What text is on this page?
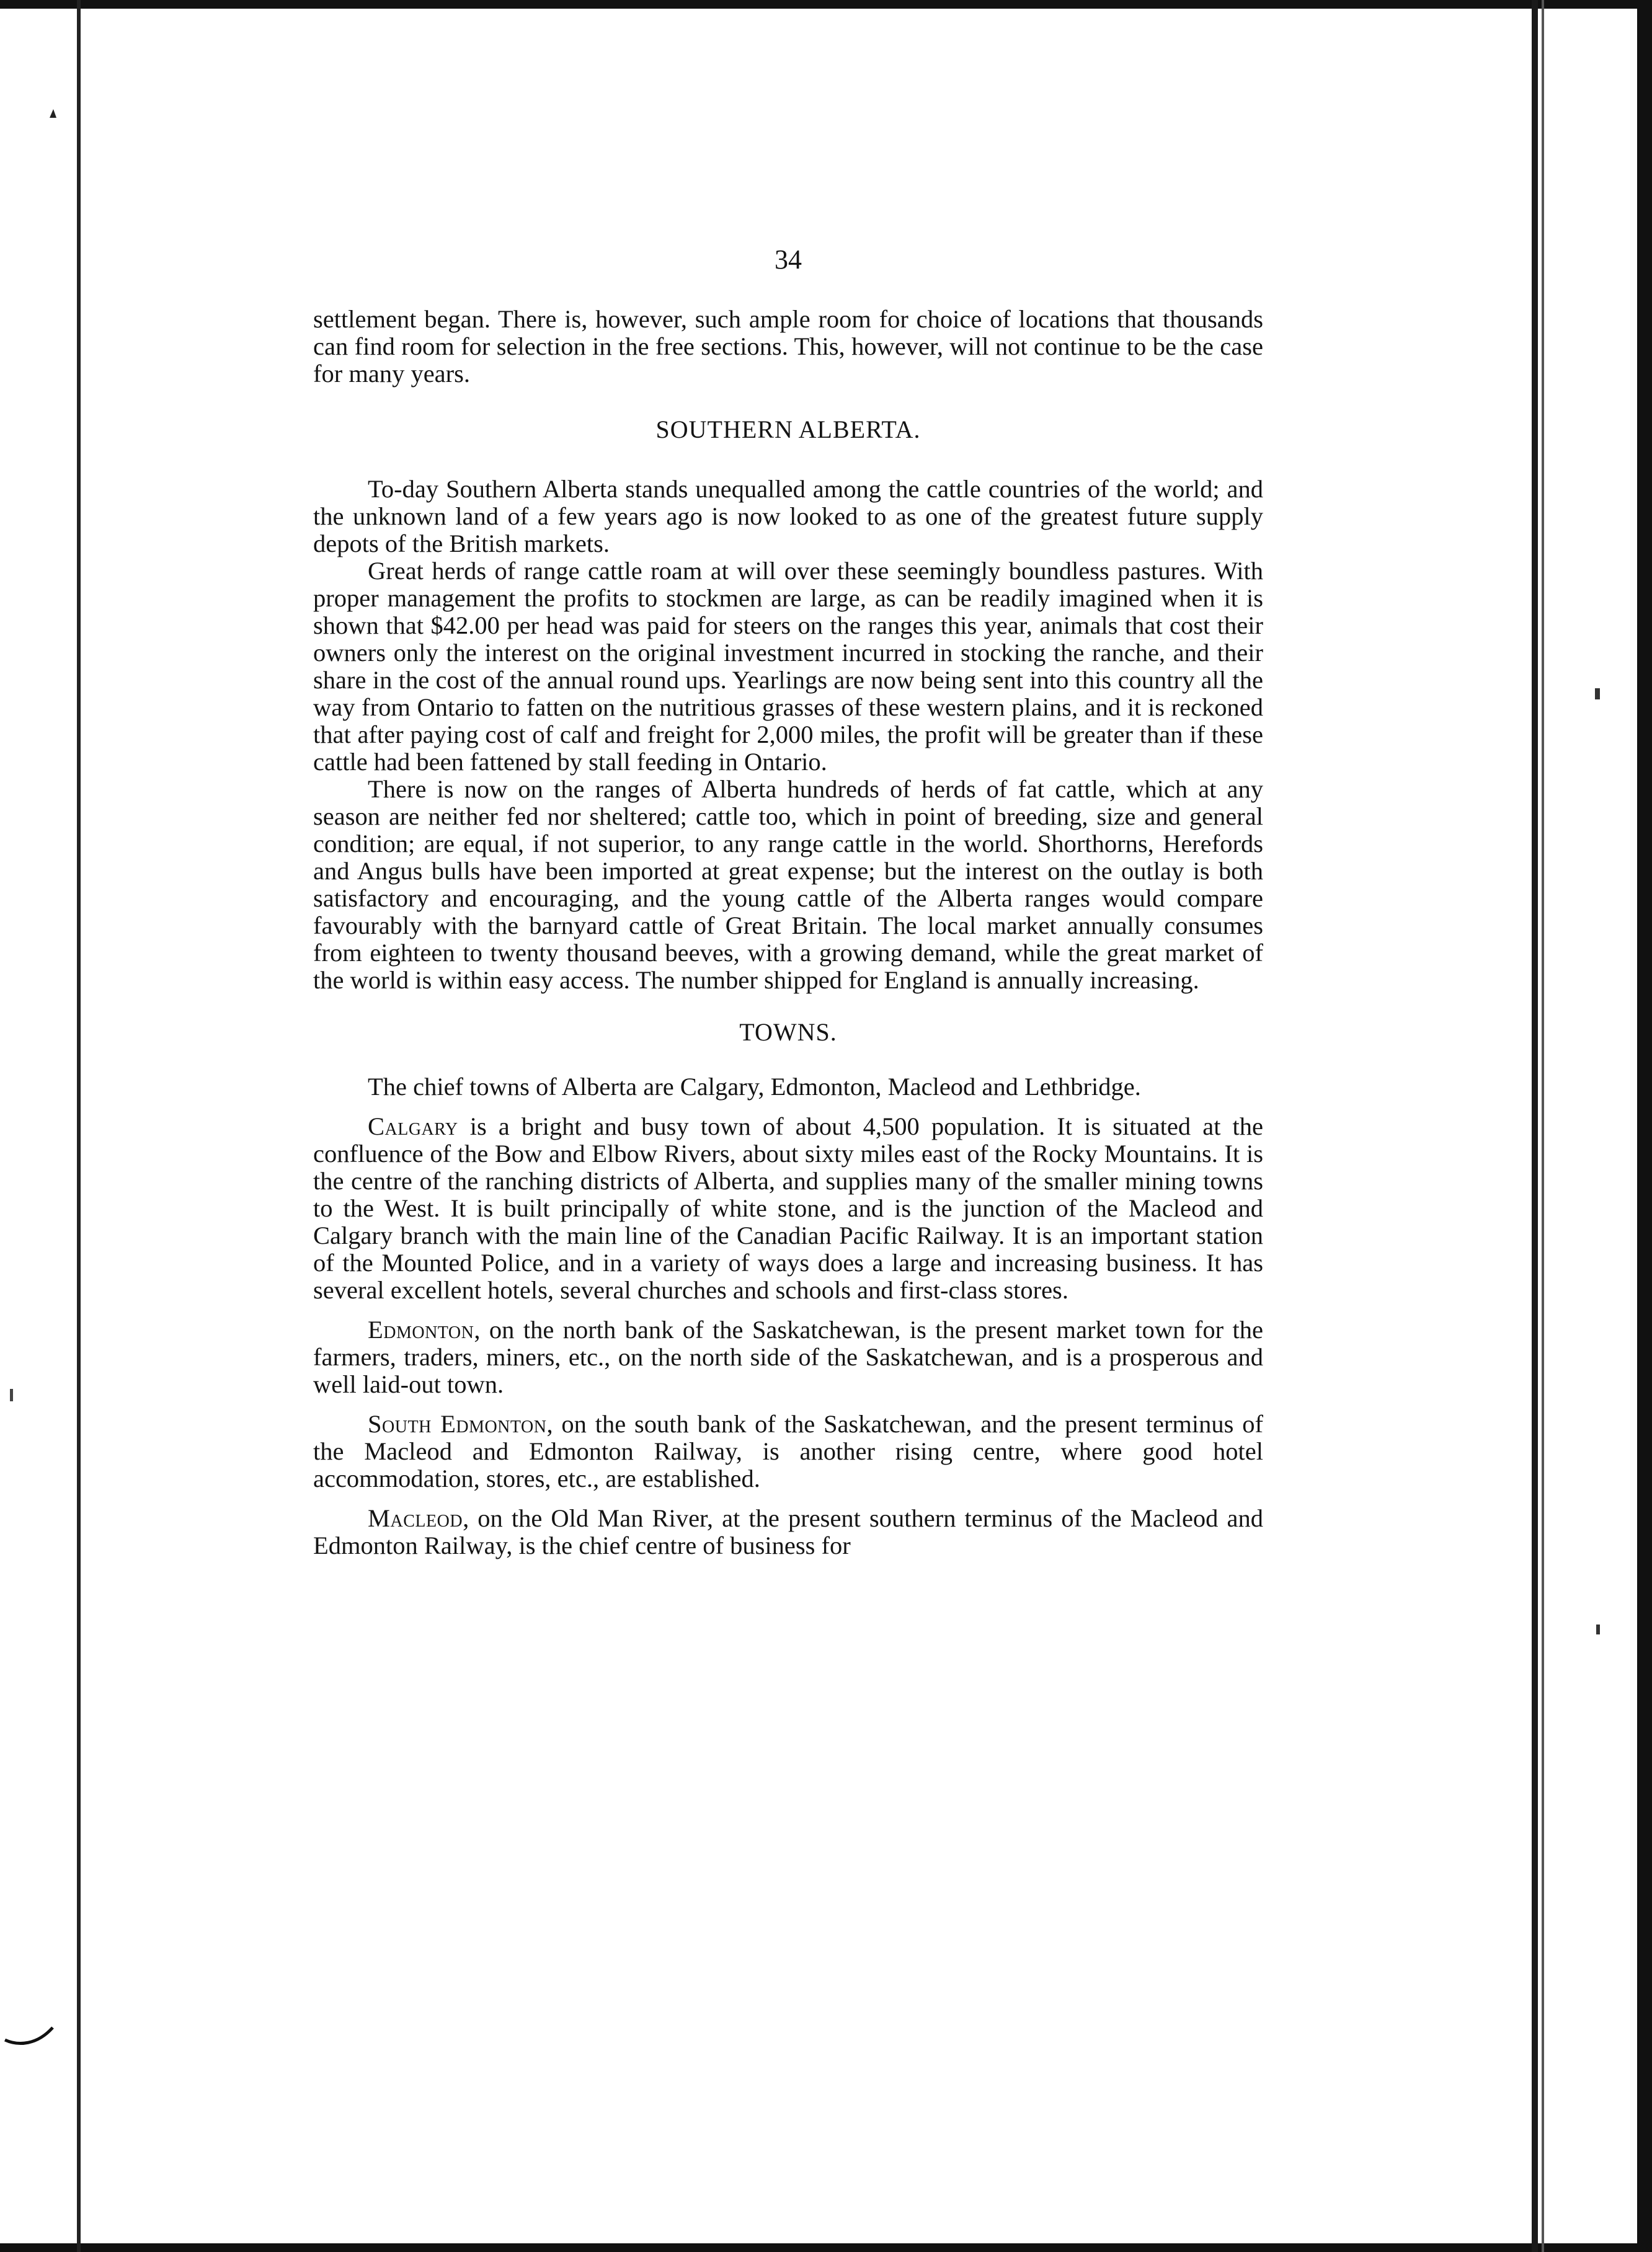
34

settlement began. There is, however, such ample room for choice of locations that thousands can find room for selection in the free sections. This, however, will not continue to be the case for many years.

SOUTHERN ALBERTA.

To-day Southern Alberta stands unequalled among the cattle countries of the world; and the unknown land of a few years ago is now looked to as one of the greatest future supply depots of the British markets.

Great herds of range cattle roam at will over these seemingly boundless pastures. With proper management the profits to stockmen are large, as can be readily imagined when it is shown that $42.00 per head was paid for steers on the ranges this year, animals that cost their owners only the interest on the original investment incurred in stocking the ranche, and their share in the cost of the annual round ups. Yearlings are now being sent into this country all the way from Ontario to fatten on the nutritious grasses of these western plains, and it is reckoned that after paying cost of calf and freight for 2,000 miles, the profit will be greater than if these cattle had been fattened by stall feeding in Ontario.

There is now on the ranges of Alberta hundreds of herds of fat cattle, which at any season are neither fed nor sheltered; cattle too, which in point of breeding, size and general condition; are equal, if not superior, to any range cattle in the world. Shorthorns, Herefords and Angus bulls have been imported at great expense; but the interest on the outlay is both satisfactory and encouraging, and the young cattle of the Alberta ranges would compare favourably with the barnyard cattle of Great Britain. The local market annually consumes from eighteen to twenty thousand beeves, with a growing demand, while the great market of the world is within easy access. The number shipped for England is annually increasing.

TOWNS.

The chief towns of Alberta are Calgary, Edmonton, Macleod and Lethbridge.

Calgary is a bright and busy town of about 4,500 population. It is situated at the confluence of the Bow and Elbow Rivers, about sixty miles east of the Rocky Mountains. It is the centre of the ranching districts of Alberta, and supplies many of the smaller mining towns to the West. It is built principally of white stone, and is the junction of the Macleod and Calgary branch with the main line of the Canadian Pacific Railway. It is an important station of the Mounted Police, and in a variety of ways does a large and increasing business. It has several excellent hotels, several churches and schools and first-class stores.

Edmonton, on the north bank of the Saskatchewan, is the present market town for the farmers, traders, miners, etc., on the north side of the Saskatchewan, and is a prosperous and well laid-out town.

South Edmonton, on the south bank of the Saskatchewan, and the present terminus of the Macleod and Edmonton Railway, is another rising centre, where good hotel accommodation, stores, etc., are established.

Macleod, on the Old Man River, at the present southern terminus of the Macleod and Edmonton Railway, is the chief centre of business for
